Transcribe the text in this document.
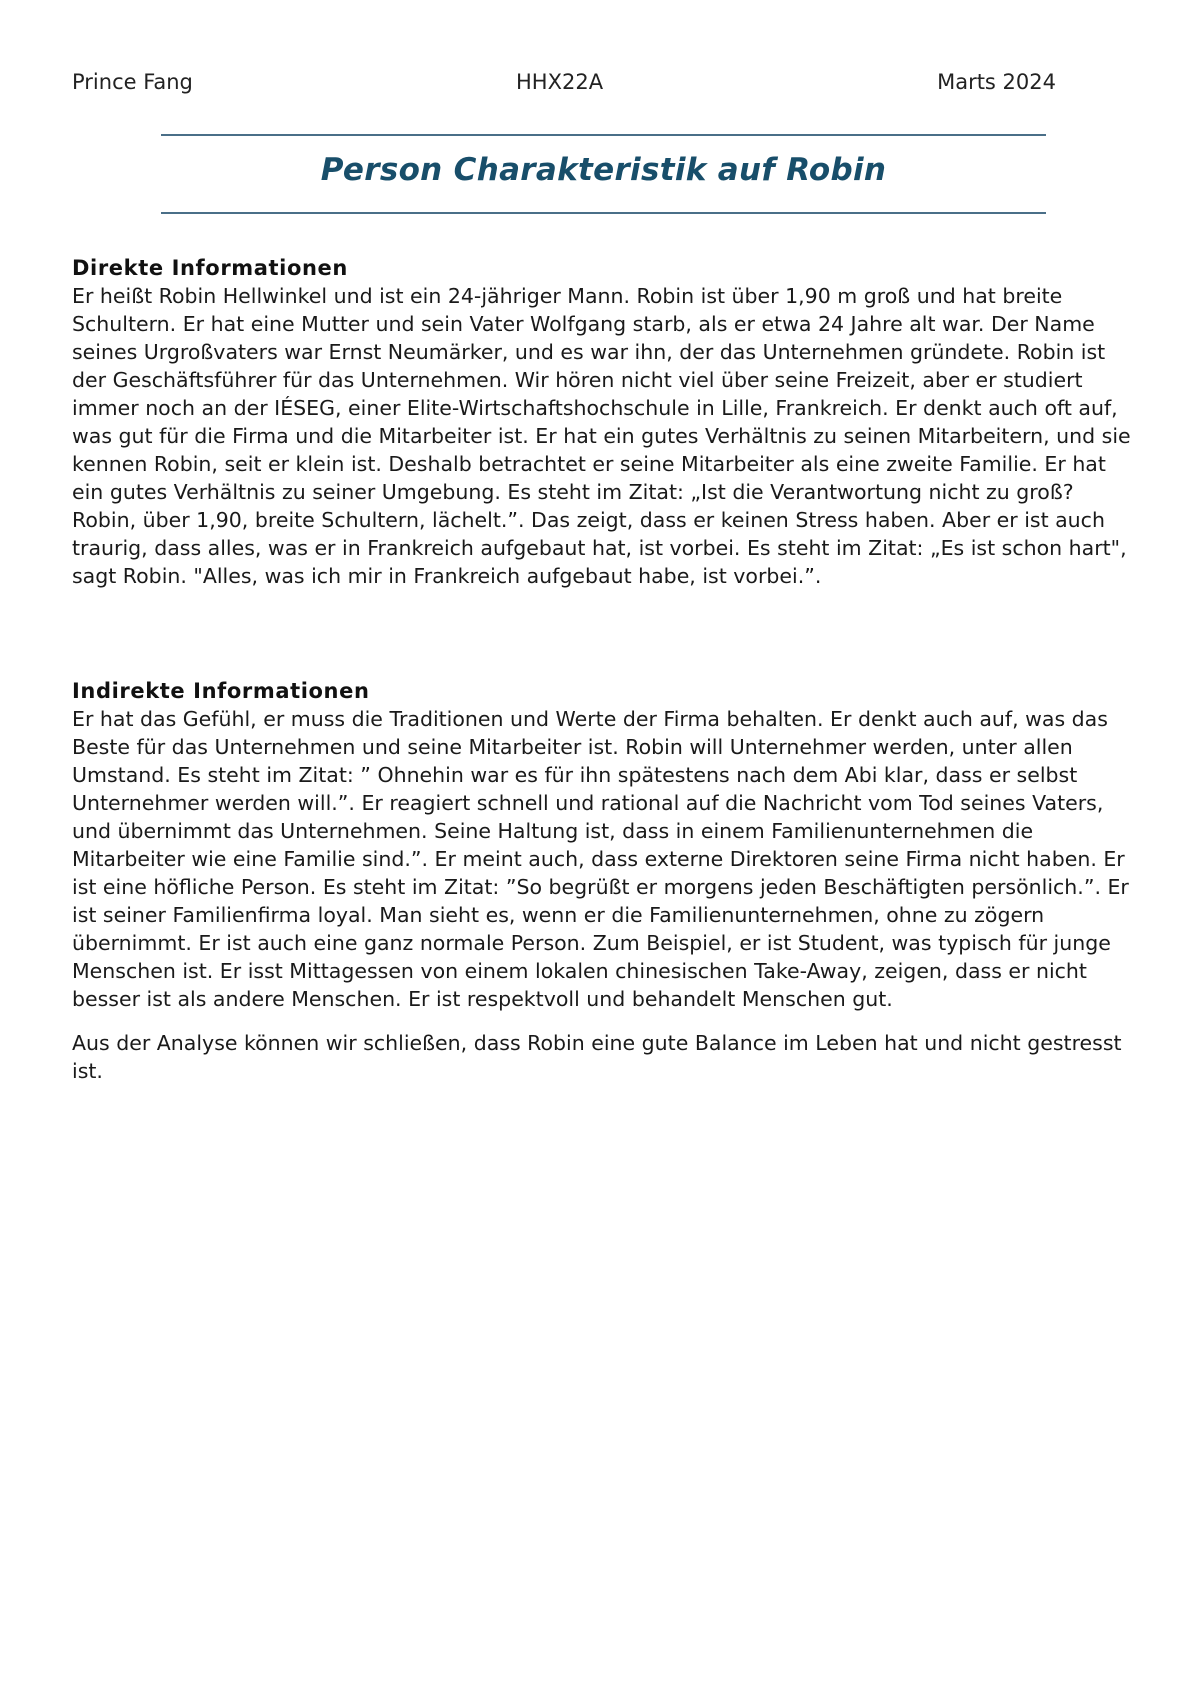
Prince Fang	HHX22A	Marts 2024
Person Charakteristik auf Robin
Direkte Informationen

Er heißt Robin Hellwinkel und ist ein 24-jähriger Mann. Robin ist über 1,90 m groß und hat breite Schultern. Er hat eine Mutter und sein Vater Wolfgang starb, als er etwa 24 Jahre alt war. Der Name seines Urgroßvaters war Ernst Neumärker, und es war ihn, der das Unternehmen gründete. Robin ist der Geschäftsführer für das Unternehmen. Wir hören nicht viel über seine Freizeit, aber er studiert immer noch an der IÉSEG, einer Elite-Wirtschaftshochschule in Lille, Frankreich. Er denkt auch oft auf, was gut für die Firma und die Mitarbeiter ist. Er hat ein gutes Verhältnis zu seinen Mitarbeitern, und sie kennen Robin, seit er klein ist. Deshalb betrachtet er seine Mitarbeiter als eine zweite Familie. Er hat ein gutes Verhältnis zu seiner Umgebung. Es steht im Zitat: „Ist die Verantwortung nicht zu groß? Robin, über 1,90, breite Schultern, lächelt.”. Das zeigt, dass er keinen Stress haben. Aber er ist auch traurig, dass alles, was er in Frankreich aufgebaut hat, ist vorbei. Es steht im Zitat: „Es ist schon hart", sagt Robin. "Alles, was ich mir in Frankreich aufgebaut habe, ist vorbei.”.

Indirekte Informationen

Er hat das Gefühl, er muss die Traditionen und Werte der Firma behalten. Er denkt auch auf, was das Beste für das Unternehmen und seine Mitarbeiter ist. Robin will Unternehmer werden, unter allen Umstand. Es steht im Zitat: ” Ohnehin war es für ihn spätestens nach dem Abi klar, dass er selbst Unternehmer werden will.”. Er reagiert schnell und rational auf die Nachricht vom Tod seines Vaters, und übernimmt das Unternehmen. Seine Haltung ist, dass in einem Familienunternehmen die Mitarbeiter wie eine Familie sind.”. Er meint auch, dass externe Direktoren seine Firma nicht haben. Er ist eine höfliche Person. Es steht im Zitat: ”So begrüßt er morgens jeden Beschäftigten persönlich.”. Er ist seiner Familienfirma loyal. Man sieht es, wenn er die Familienunternehmen, ohne zu zögern übernimmt. Er ist auch eine ganz normale Person. Zum Beispiel, er ist Student, was typisch für junge Menschen ist. Er isst Mittagessen von einem lokalen chinesischen Take-Away, zeigen, dass er nicht besser ist als andere Menschen. Er ist respektvoll und behandelt Menschen gut.

Aus der Analyse können wir schließen, dass Robin eine gute Balance im Leben hat und nicht gestresst ist.
